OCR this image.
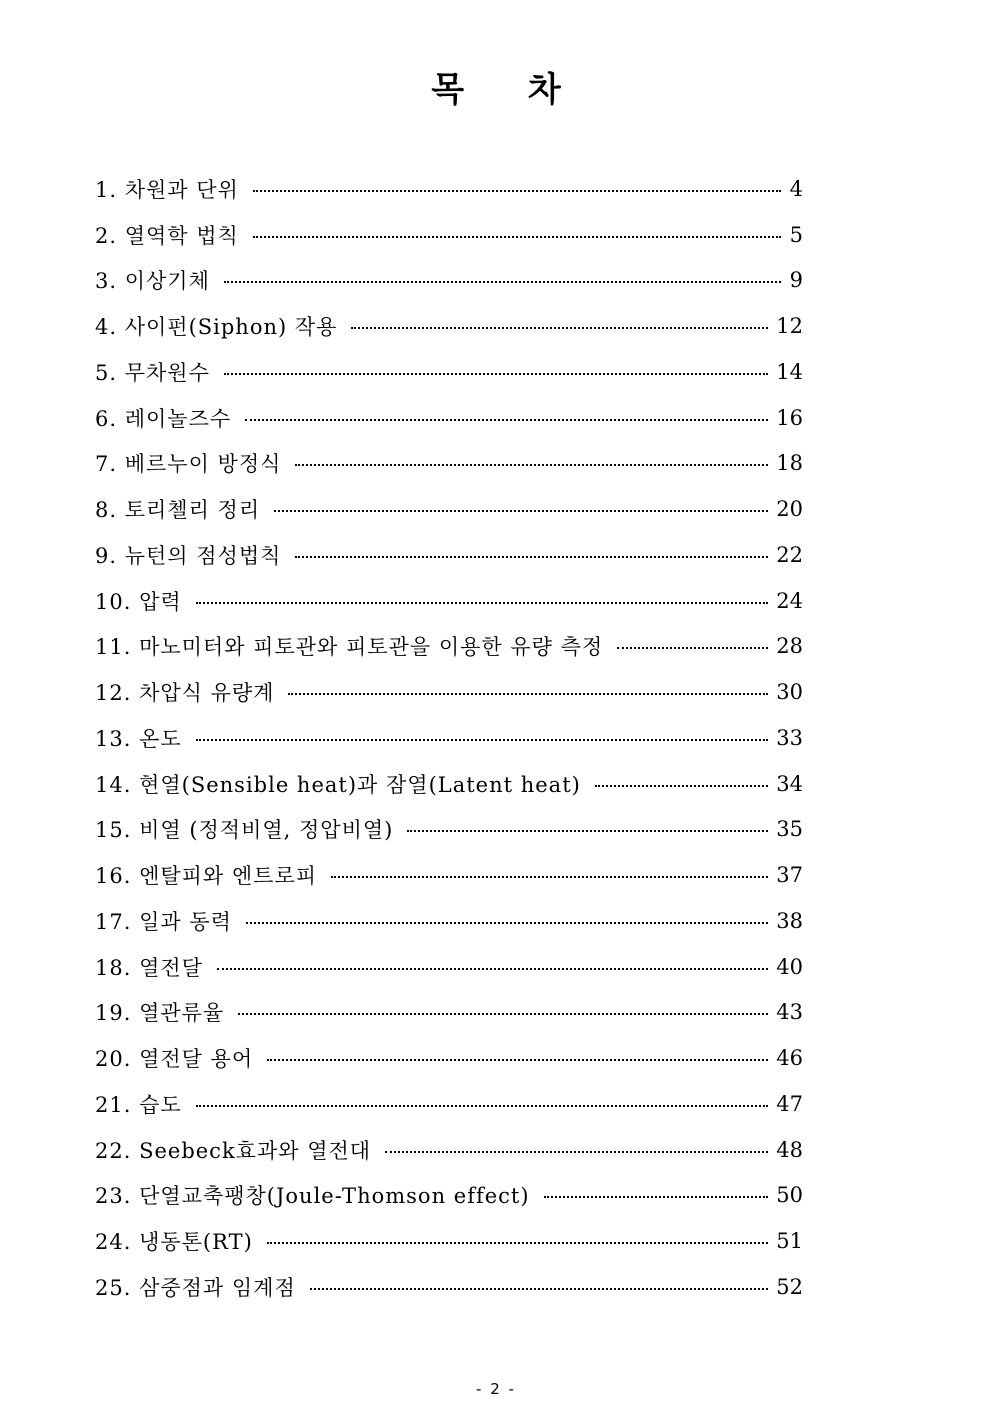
목 차
1. 차원과 단위	4
2. 열역학 법칙	5
3. 이상기체	9
4. 사이펀(Siphon) 작용	12
5. 무차원수	14
6. 레이놀즈수	16
7. 베르누이 방정식	18
8. 토리첼리 정리	20
9. 뉴턴의 점성법칙	22
10. 압력	24
11. 마노미터와 피토관와 피토관을 이용한 유량 측정	28
12. 차압식 유량계	30
13. 온도	33
14. 현열(Sensible heat)과 잠열(Latent heat)	34
15. 비열 (정적비열, 정압비열)	35
16. 엔탈피와 엔트로피	37
17. 일과 동력	38
18. 열전달	40
19. 열관류율	43
20. 열전달 용어	46
21. 습도	47
22. Seebeck효과와 열전대	48
23. 단열교축팽창(Joule-Thomson effect)	50
24. 냉동톤(RT)	51
25. 삼중점과 임계점	52
- 2 -
